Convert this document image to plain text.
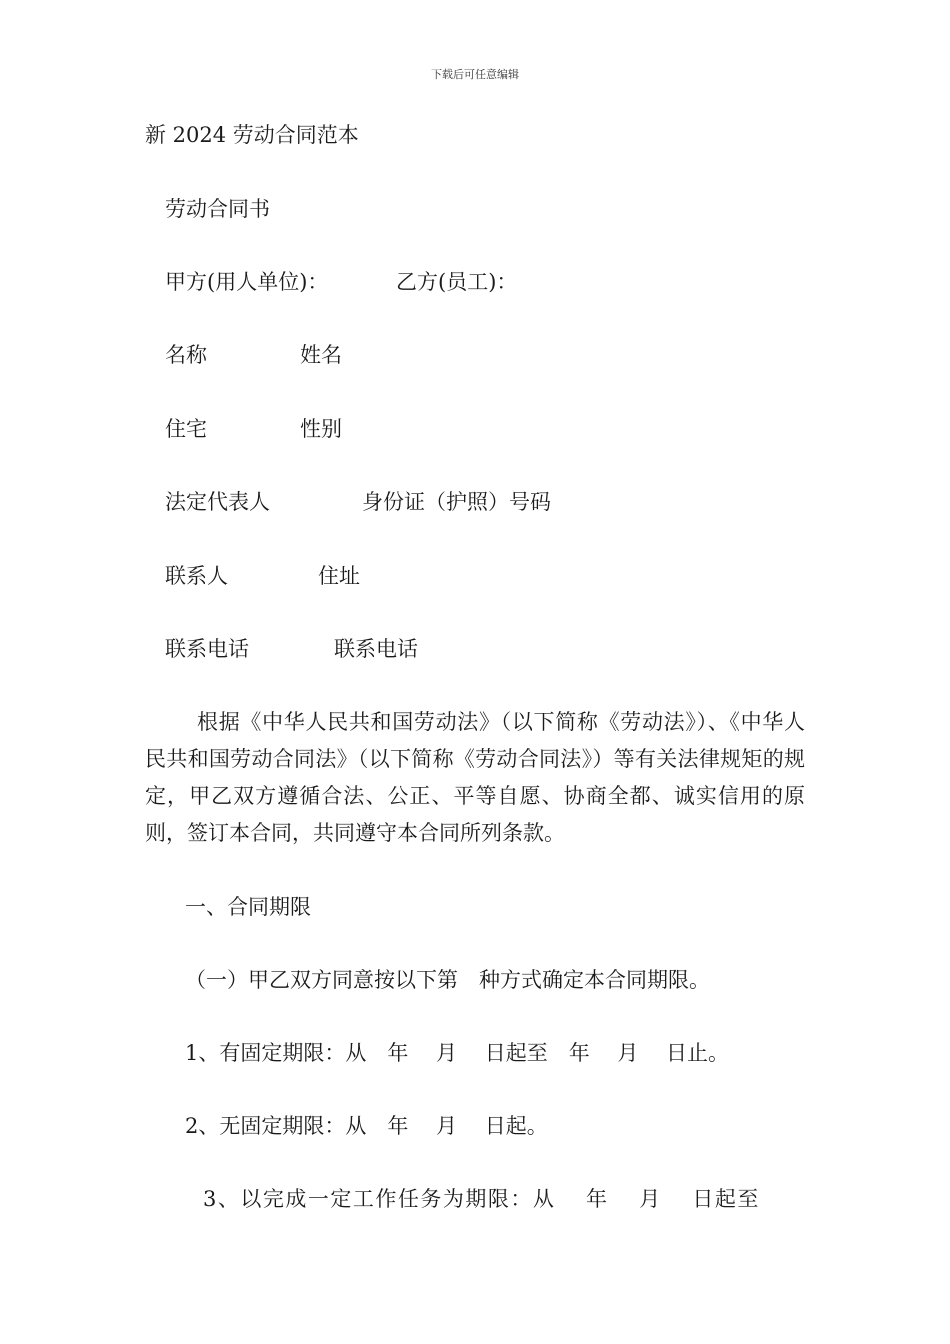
下载后可任意编辑
新 2024 劳动合同范本
劳动合同书
甲方(用人单位)：	乙方(员工)：
名称	姓名
住宅	性别
法定代表人	身份证（护照）号码
联系人	住址
联系电话	联系电话
根据《中华人民共和国劳动法》（以下简称《劳动法》）、《中华人民共和国劳动合同法》（以下简称《劳动合同法》）等有关法律规矩的规定，甲乙双方遵循合法、公正、平等自愿、协商全都、诚实信用的原则，签订本合同，共同遵守本合同所列条款。
一、合同期限
（一）甲乙双方同意按以下第　种方式确定本合同期限。
1、有固定期限：从　年　 月　 日起至　年　 月　 日止。
2、无固定期限：从　年　 月　 日起。
3、以完成一定工作任务为期限：从　 年　 月　 日起至
